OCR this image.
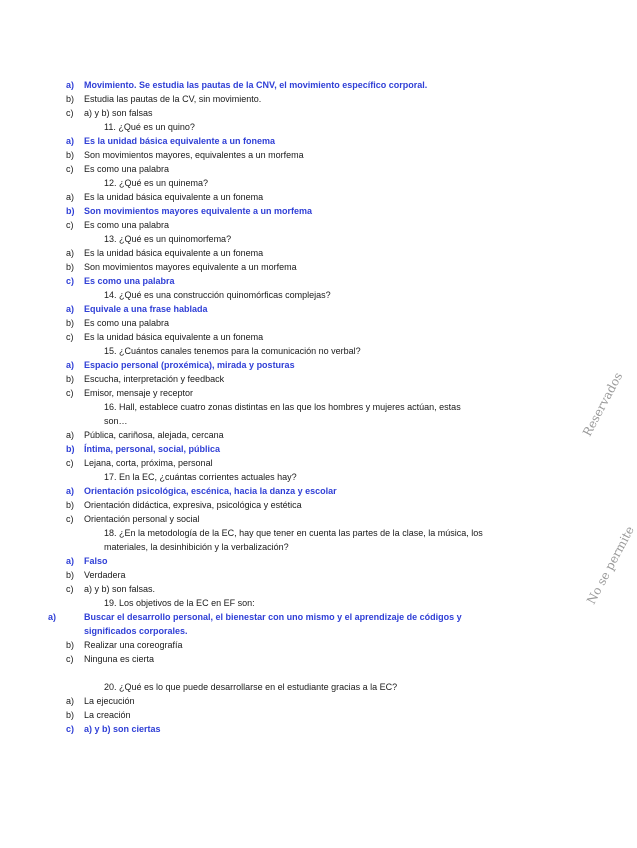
a) Movimiento. Se estudia las pautas de la CNV, el movimiento específico corporal.
b) Estudia las pautas de la CV, sin movimiento.
c) a) y b) son falsas
11. ¿Qué es un quino?
a) Es la unidad básica equivalente a un fonema
b) Son movimientos mayores, equivalentes a un morfema
c) Es como una palabra
12. ¿Qué es un quinema?
a) Es la unidad básica equivalente a un fonema
b) Son movimientos mayores equivalente a un morfema
c) Es como una palabra
13. ¿Qué es un quinomorfema?
a) Es la unidad básica equivalente a un fonema
b) Son movimientos mayores equivalente a un morfema
c) Es como una palabra
14. ¿Qué es una construcción quinomórficas complejas?
a) Equivale a una frase hablada
b) Es como una palabra
c) Es la unidad básica equivalente a un fonema
15. ¿Cuántos canales tenemos para la comunicación no verbal?
a) Espacio personal (proxémica), mirada y posturas
b) Escucha, interpretación y feedback
c) Emisor, mensaje y receptor
16. Hall, establece cuatro zonas distintas en las que los hombres y mujeres actúan, estas son…
a) Pública, cariñosa, alejada, cercana
b) Íntima, personal, social, pública
c) Lejana, corta, próxima, personal
17. En la EC, ¿cuántas corrientes actuales hay?
a) Orientación psicológica, escénica, hacia la danza y escolar
b) Orientación didáctica, expresiva, psicológica y estética
c) Orientación personal y social
18. ¿En la metodología de la EC, hay que tener en cuenta las partes de la clase, la música, los materiales, la desinhibición y la verbalización?
a) Falso
b) Verdadera
c) a) y b) son falsas.
19. Los objetivos de la EC en EF son:
a)	Buscar el desarrollo personal, el bienestar con uno mismo y el aprendizaje de códigos y significados corporales.
b) Realizar una coreografía
c) Ninguna es cierta
20. ¿Qué es lo que puede desarrollarse en el estudiante gracias a la EC?
a) La ejecución
b) La creación
c) a) y b) son ciertas
Reservados
No se permite
